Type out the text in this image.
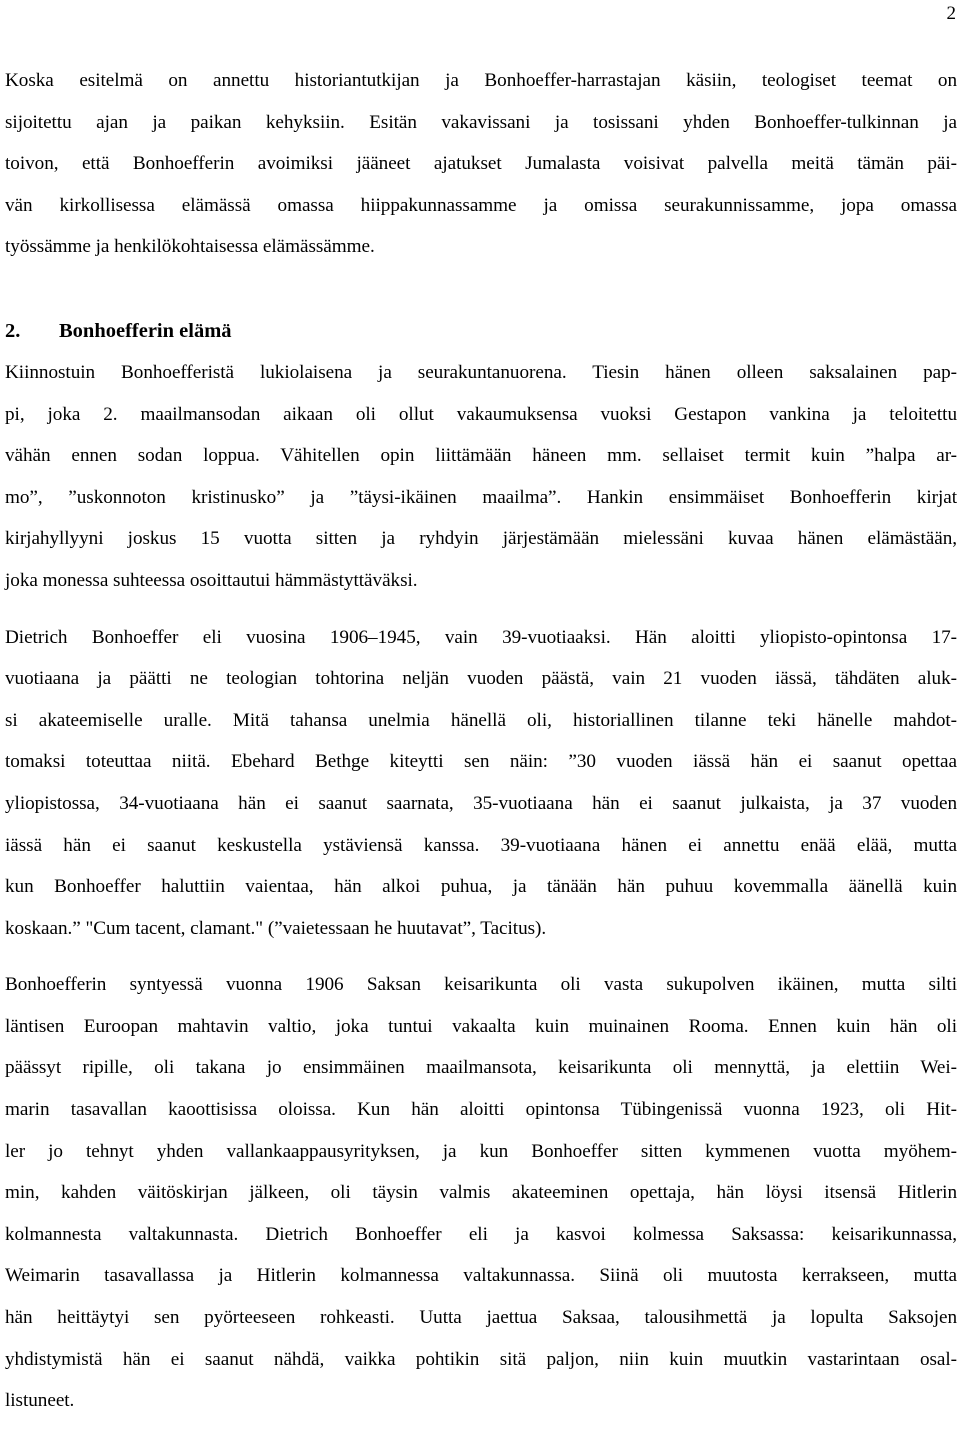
2
Koska esitelmä on annettu historiantutkijan ja Bonhoeffer-harrastajan käsiin, teologiset teemat on
sijoitettu ajan ja paikan kehyksiin. Esitän vakavissani ja tosissani yhden Bonhoeffer-tulkinnan ja
toivon, että Bonhoefferin avoimiksi jääneet ajatukset Jumalasta voisivat palvella meitä tämän päi-
vän kirkollisessa elämässä omassa hiippakunnassamme ja omissa seurakunnissamme, jopa omassa
työssämme ja henkilökohtaisessa elämässämme.
2. Bonhoefferin elämä
Kiinnostuin Bonhoefferistä lukiolaisena ja seurakuntanuorena. Tiesin hänen olleen saksalainen pap-
pi, joka 2. maailmansodan aikaan oli ollut vakaumuksensa vuoksi Gestapon vankina ja teloitettu
vähän ennen sodan loppua. Vähitellen opin liittämään häneen mm. sellaiset termit kuin ”halpa ar-
mo”, ”uskonnoton kristinusko” ja ”täysi-ikäinen maailma”. Hankin ensimmäiset Bonhoefferin kirjat
kirjahyllyyni joskus 15 vuotta sitten ja ryhdyin järjestämään mielessäni kuvaa hänen elämästään,
joka monessa suhteessa osoittautui hämmästyttäväksi.
Dietrich Bonhoeffer eli vuosina 1906–1945, vain 39-vuotiaaksi. Hän aloitti yliopisto-opintonsa 17-
vuotiaana ja päätti ne teologian tohtorina neljän vuoden päästä, vain 21 vuoden iässä, tähdäten aluk-
si akateemiselle uralle. Mitä tahansa unelmia hänellä oli, historiallinen tilanne teki hänelle mahdot-
tomaksi toteuttaa niitä. Ebehard Bethge kiteytti sen näin: ”30 vuoden iässä hän ei saanut opettaa
yliopistossa, 34-vuotiaana hän ei saanut saarnata, 35-vuotiaana hän ei saanut julkaista, ja 37 vuoden
iässä hän ei saanut keskustella ystäviensä kanssa. 39-vuotiaana hänen ei annettu enää elää, mutta
kun Bonhoeffer haluttiin vaientaa, hän alkoi puhua, ja tänään hän puhuu kovemmalla äänellä kuin
koskaan.” "Cum tacent, clamant." (”vaietessaan he huutavat”, Tacitus).
Bonhoefferin syntyessä vuonna 1906 Saksan keisarikunta oli vasta sukupolven ikäinen, mutta silti
läntisen Euroopan mahtavin valtio, joka tuntui vakaalta kuin muinainen Rooma. Ennen kuin hän oli
päässyt ripille, oli takana jo ensimmäinen maailmansota, keisarikunta oli mennyttä, ja elettiin Wei-
marin tasavallan kaoottisissa oloissa. Kun hän aloitti opintonsa Tübingenissä vuonna 1923, oli Hit-
ler jo tehnyt yhden vallankaappausyrityksen, ja kun Bonhoeffer sitten kymmenen vuotta myöhem-
min, kahden väitöskirjan jälkeen, oli täysin valmis akateeminen opettaja, hän löysi itsensä Hitlerin
kolmannesta valtakunnasta. Dietrich Bonhoeffer eli ja kasvoi kolmessa Saksassa: keisarikunnassa,
Weimarin tasavallassa ja Hitlerin kolmannessa valtakunnassa. Siinä oli muutosta kerrakseen, mutta
hän heittäytyi sen pyörteeseen rohkeasti. Uutta jaettua Saksaa, talousihmettä ja lopulta Saksojen
yhdistymistä hän ei saanut nähdä, vaikka pohtikin sitä paljon, niin kuin muutkin vastarintaan osal-
listuneet.
